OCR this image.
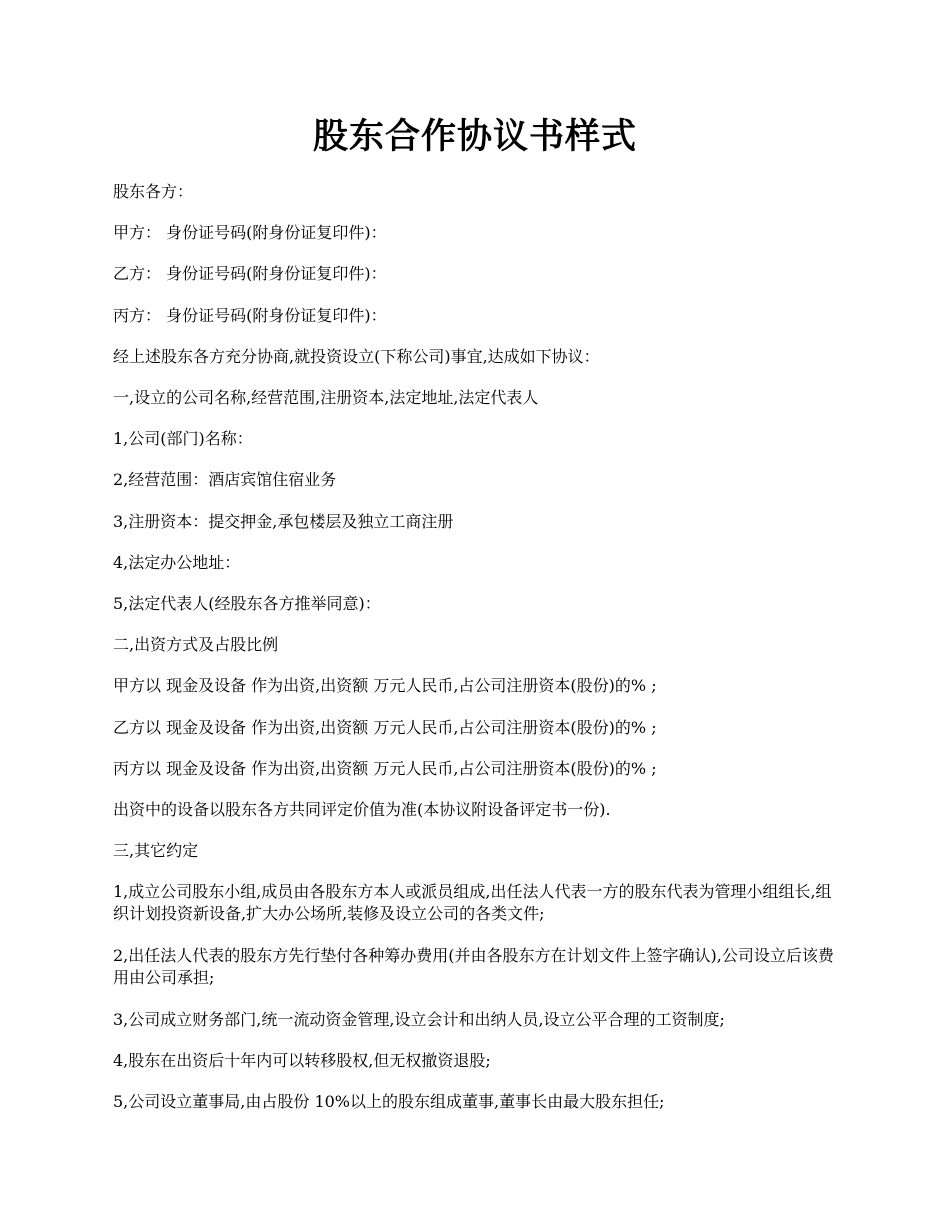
股东合作协议书样式
股东各方：
甲方： 身份证号码(附身份证复印件)：
乙方： 身份证号码(附身份证复印件)：
丙方： 身份证号码(附身份证复印件)：
经上述股东各方充分协商,就投资设立(下称公司)事宜,达成如下协议：
一,设立的公司名称,经营范围,注册资本,法定地址,法定代表人
1,公司(部门)名称：
2,经营范围：酒店宾馆住宿业务
3,注册资本：提交押金,承包楼层及独立工商注册
4,法定办公地址：
5,法定代表人(经股东各方推举同意)：
二,出资方式及占股比例
甲方以 现金及设备 作为出资,出资额 万元人民币,占公司注册资本(股份)的% ;
乙方以 现金及设备 作为出资,出资额 万元人民币,占公司注册资本(股份)的% ;
丙方以 现金及设备 作为出资,出资额 万元人民币,占公司注册资本(股份)的% ;
出资中的设备以股东各方共同评定价值为准(本协议附设备评定书一份).
三,其它约定
1,成立公司股东小组,成员由各股东方本人或派员组成,出任法人代表一方的股东代表为管理小组组长,组织计划投资新设备,扩大办公场所,装修及设立公司的各类文件;
2,出任法人代表的股东方先行垫付各种筹办费用(并由各股东方在计划文件上签字确认),公司设立后该费用由公司承担;
3,公司成立财务部门,统一流动资金管理,设立会计和出纳人员,设立公平合理的工资制度;
4,股东在出资后十年内可以转移股权,但无权撤资退股;
5,公司设立董事局,由占股份 10%以上的股东组成董事,董事长由最大股东担任;
